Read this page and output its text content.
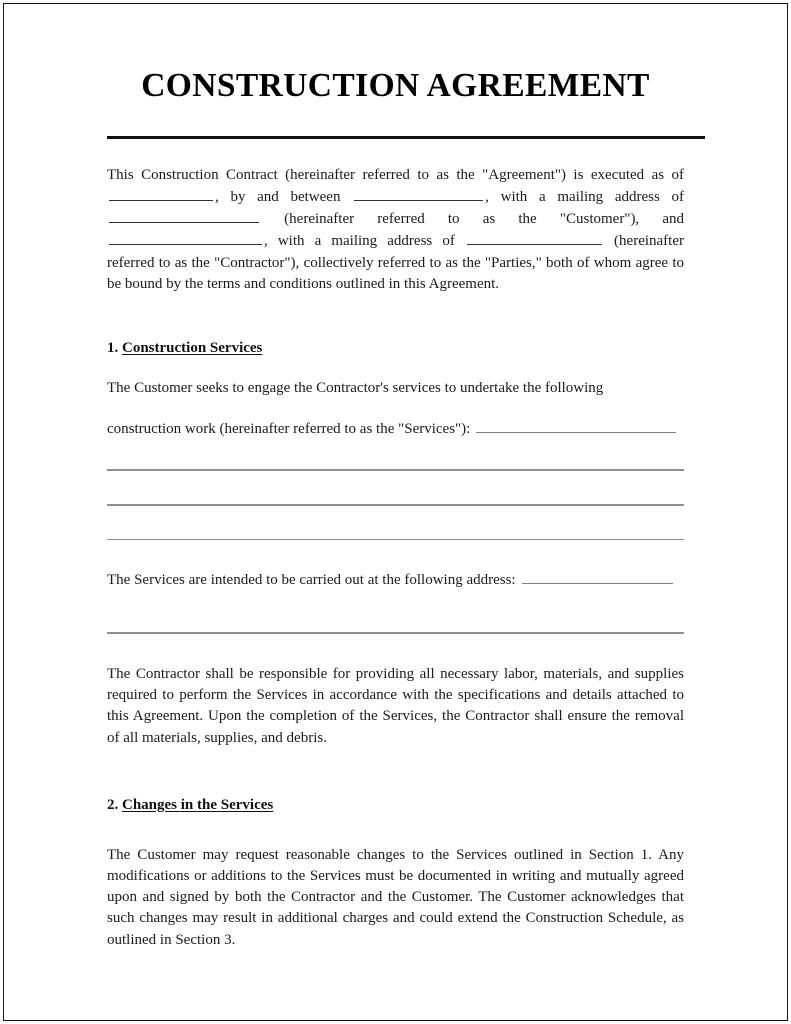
CONSTRUCTION AGREEMENT

This Construction Contract (hereinafter referred to as the "Agreement") is executed as of , by and between	, with a mailing address of  (hereinafter referred to as the "Customer"), and , with a mailing address of	(hereinafter referred to as the "Contractor"), collectively referred to as the "Parties," both of whom agree to be bound by the terms and conditions outlined in this Agreement.

1. Construction Services

The Customer seeks to engage the Contractor's services to undertake the following

construction work (hereinafter referred to as the "Services"):

The Services are intended to be carried out at the following address:

The Contractor shall be responsible for providing all necessary labor, materials, and supplies required to perform the Services in accordance with the specifications and details attached to this Agreement. Upon the completion of the Services, the Contractor shall ensure the removal of all materials, supplies, and debris.

2. Changes in the Services

The Customer may request reasonable changes to the Services outlined in Section 1. Any modifications or additions to the Services must be documented in writing and mutually agreed upon and signed by both the Contractor and the Customer. The Customer acknowledges that such changes may result in additional charges and could extend the Construction Schedule, as outlined in Section 3.
